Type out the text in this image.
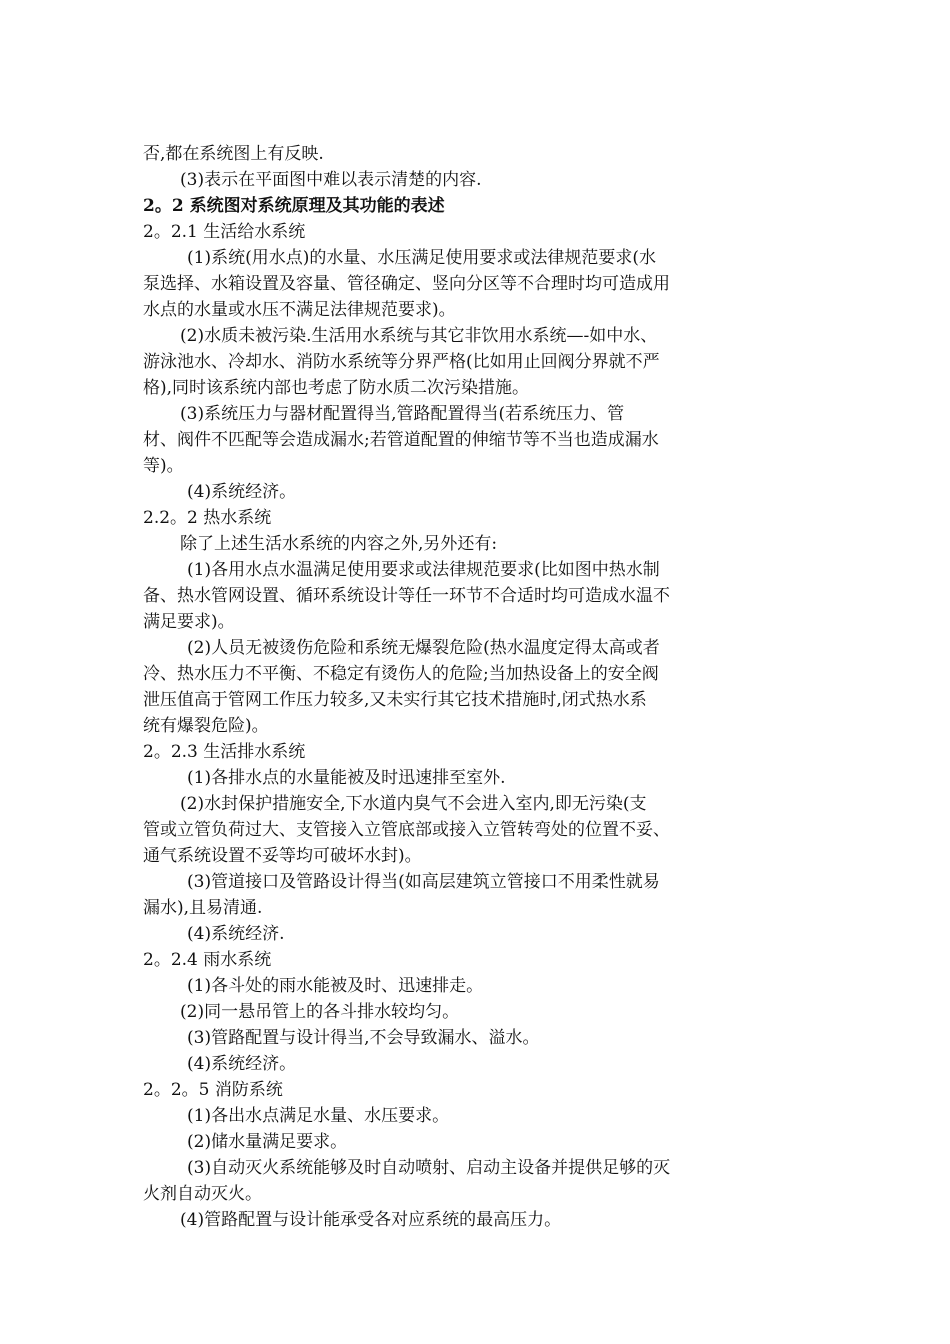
否,都在系统图上有反映.
(3)表示在平面图中难以表示清楚的内容.
2。2 系统图对系统原理及其功能的表述
2。2.1 生活给水系统
(1)系统(用水点)的水量、水压满足使用要求或法律规范要求(水
泵选择、水箱设置及容量、管径确定、竖向分区等不合理时均可造成用
水点的水量或水压不满足法律规范要求)。
(2)水质未被污染.生活用水系统与其它非饮用水系统—-如中水、
游泳池水、冷却水、消防水系统等分界严格(比如用止回阀分界就不严
格),同时该系统内部也考虑了防水质二次污染措施。
(3)系统压力与器材配置得当,管路配置得当(若系统压力、管
材、阀件不匹配等会造成漏水;若管道配置的伸缩节等不当也造成漏水
等)。
(4)系统经济。
2.2。2 热水系统
除了上述生活水系统的内容之外,另外还有:
(1)各用水点水温满足使用要求或法律规范要求(比如图中热水制
备、热水管网设置、循环系统设计等任一环节不合适时均可造成水温不
满足要求)。
(2)人员无被烫伤危险和系统无爆裂危险(热水温度定得太高或者
冷、热水压力不平衡、不稳定有烫伤人的危险;当加热设备上的安全阀
泄压值高于管网工作压力较多,又未实行其它技术措施时,闭式热水系
统有爆裂危险)。
2。2.3 生活排水系统
(1)各排水点的水量能被及时迅速排至室外.
(2)水封保护措施安全,下水道内臭气不会进入室内,即无污染(支
管或立管负荷过大、支管接入立管底部或接入立管转弯处的位置不妥、
通气系统设置不妥等均可破坏水封)。
(3)管道接口及管路设计得当(如高层建筑立管接口不用柔性就易
漏水),且易清通.
(4)系统经济.
2。2.4 雨水系统
(1)各斗处的雨水能被及时、迅速排走。
(2)同一悬吊管上的各斗排水较均匀。
(3)管路配置与设计得当,不会导致漏水、溢水。
(4)系统经济。
2。2。5 消防系统
(1)各出水点满足水量、水压要求。
(2)储水量满足要求。
(3)自动灭火系统能够及时自动喷射、启动主设备并提供足够的灭
火剂自动灭火。
(4)管路配置与设计能承受各对应系统的最高压力。
